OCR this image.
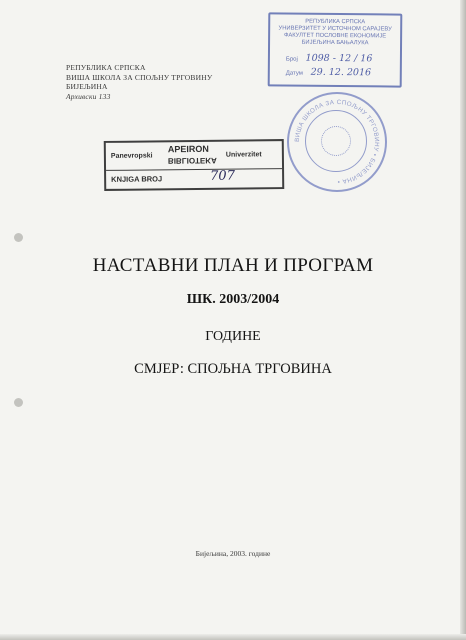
РЕПУБЛИКА СРПСКА
ВИША ШКОЛА ЗА СПОЉНУ ТРГОВИНУ
БИЈЕЉИНА
Архивски 133
РЕПУБЛИКА СРПСКА
УНИВЕРЗИТЕТ У ИСТОЧНОМ САРАЈЕВУ
ФАКУЛТЕТ ПОСЛОВНЕ ЕКОНОМИЈЕ
БИЈЕЉИНА БАЊАЛУКА
Број 1098 - 12 / 16
Датум 29. 12. 2016
ВИША ШКОЛА ЗА СПОЉНУ ТРГОВИНУ • БИЈЕЉИНА •
Panevropski
APEIRON
BIBLIOTEKA
Univerzitet
KNJIGA BROJ	707
НАСТАВНИ ПЛАН И ПРОГРАМ
ШК. 2003/2004
ГОДИНЕ
СМЈЕР: СПОЉНА ТРГОВИНА
Бијељина, 2003. године
